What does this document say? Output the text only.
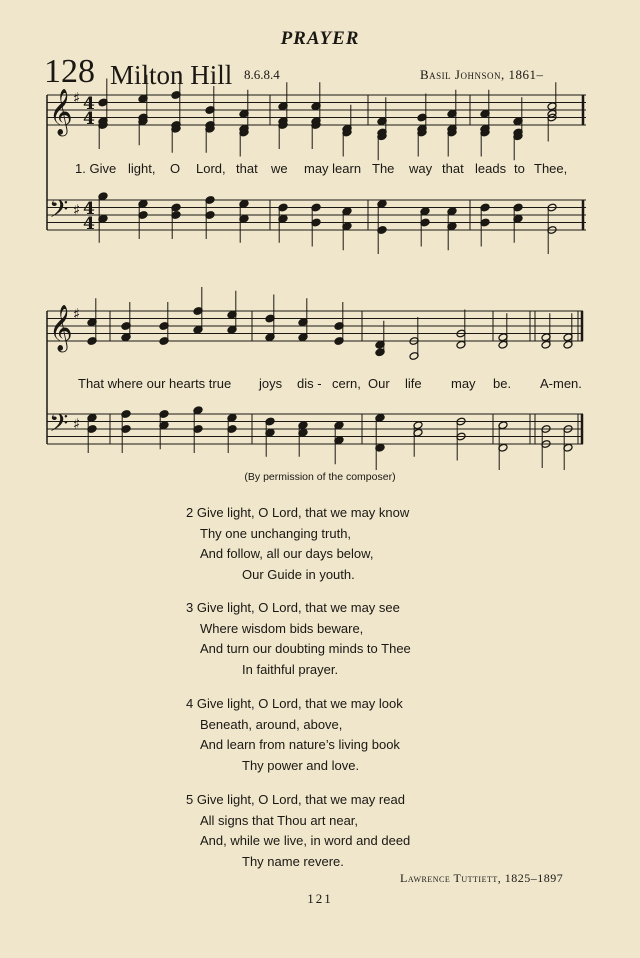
PRAYER
128 Milton Hill 8.6.8.4	Basil Johnson, 1861–
𝄞 ♯ 4
4
𝄢 ♯ 4
4
𝄞 ♯
𝄢 ♯
1. Give light, O Lord, that we may learn The way that leads to Thee,
That where our hearts true joys dis - cern, Our life may be. A-men.
(By permission of the composer)
2 Give light, O Lord, that we may know
Thy one unchanging truth,
And follow, all our days below,
Our Guide in youth.
3 Give light, O Lord, that we may see
Where wisdom bids beware,
And turn our doubting minds to Thee
In faithful prayer.
4 Give light, O Lord, that we may look
Beneath, around, above,
And learn from nature’s living book
Thy power and love.
5 Give light, O Lord, that we may read
All signs that Thou art near,
And, while we live, in word and deed
Thy name revere.
Lawrence Tuttiett, 1825–1897
121
